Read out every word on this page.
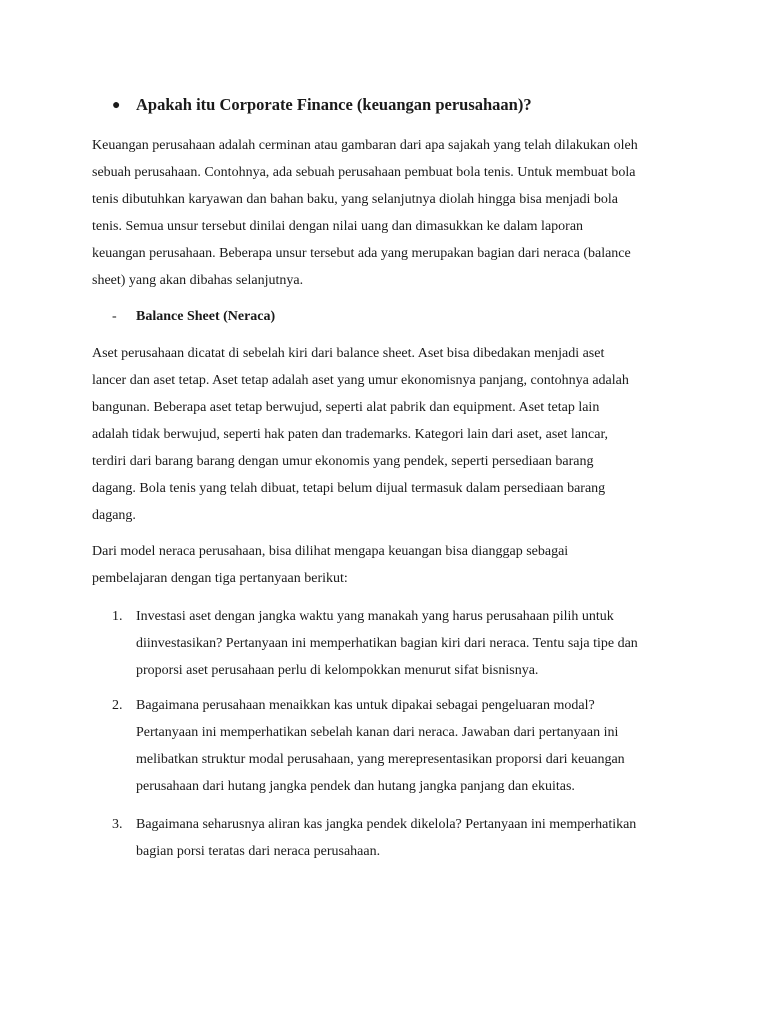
● Apakah itu Corporate Finance (keuangan perusahaan)?
Keuangan perusahaan adalah cerminan atau gambaran dari apa sajakah yang telah dilakukan oleh
sebuah perusahaan. Contohnya, ada sebuah perusahaan pembuat bola tenis. Untuk membuat bola
tenis dibutuhkan karyawan dan bahan baku, yang selanjutnya diolah hingga bisa menjadi bola
tenis. Semua unsur tersebut dinilai dengan nilai uang dan dimasukkan ke dalam laporan
keuangan perusahaan. Beberapa unsur tersebut ada yang merupakan bagian dari neraca (balance
sheet) yang akan dibahas selanjutnya.
- Balance Sheet (Neraca)
Aset perusahaan dicatat di sebelah kiri dari balance sheet. Aset bisa dibedakan menjadi aset
lancer dan aset tetap. Aset tetap adalah aset yang umur ekonomisnya panjang, contohnya adalah
bangunan. Beberapa aset tetap berwujud, seperti alat pabrik dan equipment. Aset tetap lain
adalah tidak berwujud, seperti hak paten dan trademarks. Kategori lain dari aset, aset lancar,
terdiri dari barang barang dengan umur ekonomis yang pendek, seperti persediaan barang
dagang. Bola tenis yang telah dibuat, tetapi belum dijual termasuk dalam persediaan barang
dagang.
Dari model neraca perusahaan, bisa dilihat mengapa keuangan bisa dianggap sebagai
pembelajaran dengan tiga pertanyaan berikut:
1. Investasi aset dengan jangka waktu yang manakah yang harus perusahaan pilih untuk
diinvestasikan? Pertanyaan ini memperhatikan bagian kiri dari neraca. Tentu saja tipe dan
proporsi aset perusahaan perlu di kelompokkan menurut sifat bisnisnya.
2. Bagaimana perusahaan menaikkan kas untuk dipakai sebagai pengeluaran modal?
Pertanyaan ini memperhatikan sebelah kanan dari neraca. Jawaban dari pertanyaan ini
melibatkan struktur modal perusahaan, yang merepresentasikan proporsi dari keuangan
perusahaan dari hutang jangka pendek dan hutang jangka panjang dan ekuitas.
3. Bagaimana seharusnya aliran kas jangka pendek dikelola? Pertanyaan ini memperhatikan
bagian porsi teratas dari neraca perusahaan.
